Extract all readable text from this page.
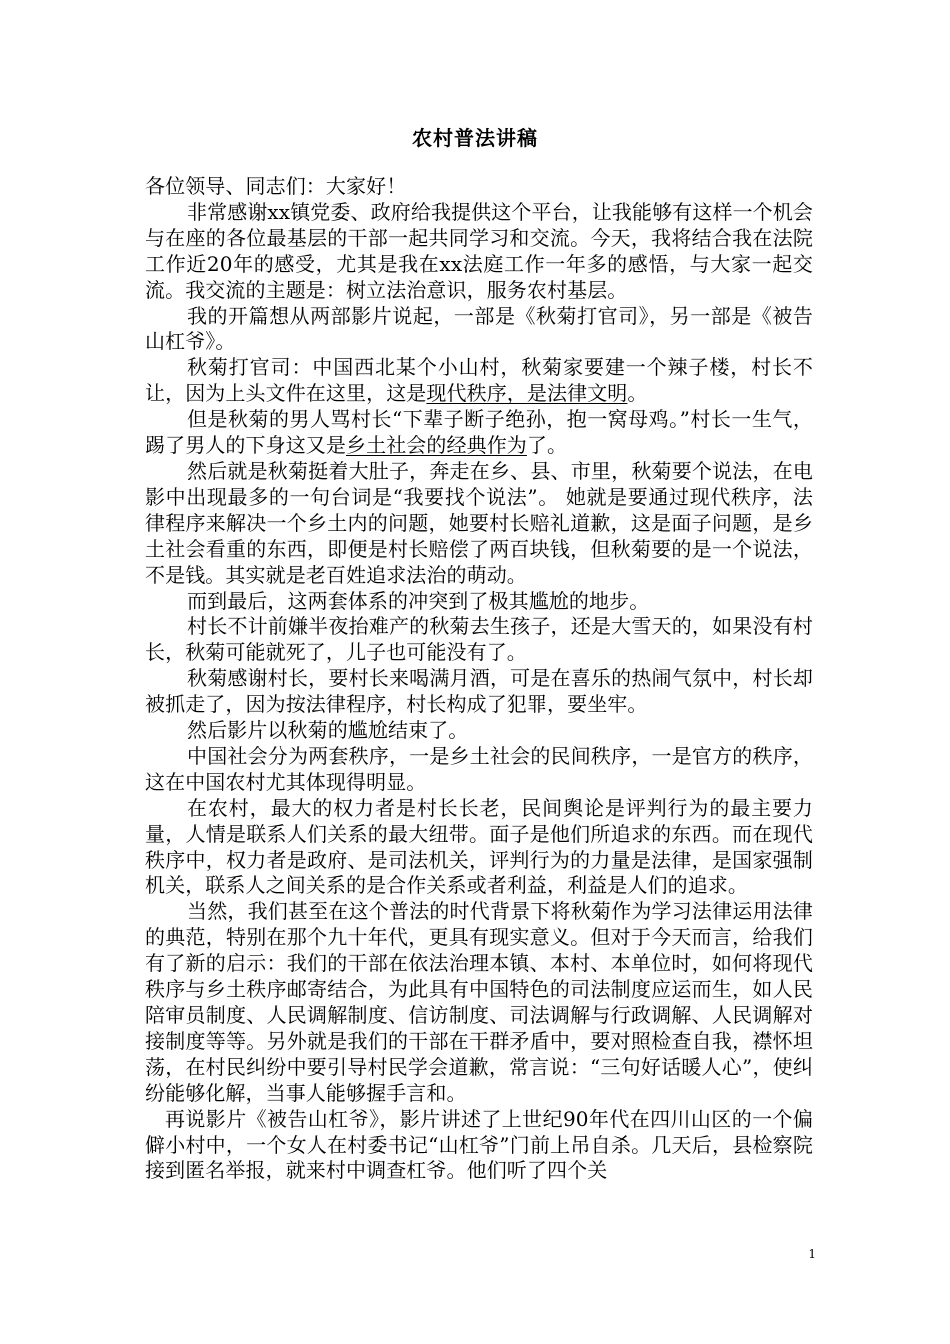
农村普法讲稿

各位领导、同志们：大家好！

非常感谢xx镇党委、政府给我提供这个平台，让我能够有这样一个机会与在座的各位最基层的干部一起共同学习和交流。今天，我将结合我在法院工作近20年的感受，尤其是我在xx法庭工作一年多的感悟，与大家一起交流。我交流的主题是：树立法治意识，服务农村基层。

我的开篇想从两部影片说起，一部是《秋菊打官司》，另一部是《被告山杠爷》。

秋菊打官司：中国西北某个小山村，秋菊家要建一个辣子楼，村长不让，因为上头文件在这里，这是现代秩序，是法律文明。

但是秋菊的男人骂村长“下辈子断子绝孙，抱一窝母鸡。”村长一生气，踢了男人的下身这又是乡土社会的经典作为了。

然后就是秋菊挺着大肚子，奔走在乡、县、市里，秋菊要个说法，在电影中出现最多的一句台词是“我要找个说法”。 她就是要通过现代秩序，法律程序来解决一个乡土内的问题，她要村长赔礼道歉，这是面子问题，是乡土社会看重的东西，即便是村长赔偿了两百块钱，但秋菊要的是一个说法，不是钱。其实就是老百姓追求法治的萌动。

而到最后，这两套体系的冲突到了极其尴尬的地步。

村长不计前嫌半夜抬难产的秋菊去生孩子，还是大雪天的，如果没有村长，秋菊可能就死了，儿子也可能没有了。

秋菊感谢村长，要村长来喝满月酒，可是在喜乐的热闹气氛中，村长却被抓走了，因为按法律程序，村长构成了犯罪，要坐牢。

然后影片以秋菊的尴尬结束了。

中国社会分为两套秩序，一是乡土社会的民间秩序，一是官方的秩序，这在中国农村尤其体现得明显。

在农村，最大的权力者是村长长老，民间舆论是评判行为的最主要力量，人情是联系人们关系的最大纽带。面子是他们所追求的东西。而在现代秩序中，权力者是政府、是司法机关，评判行为的力量是法律，是国家强制机关，联系人之间关系的是合作关系或者利益，利益是人们的追求。

当然，我们甚至在这个普法的时代背景下将秋菊作为学习法律运用法律的典范，特别在那个九十年代，更具有现实意义。但对于今天而言，给我们有了新的启示：我们的干部在依法治理本镇、本村、本单位时，如何将现代秩序与乡土秩序邮寄结合，为此具有中国特色的司法制度应运而生，如人民陪审员制度、人民调解制度、信访制度、司法调解与行政调解、人民调解对接制度等等。另外就是我们的干部在干群矛盾中，要对照检查自我，襟怀坦荡，在村民纠纷中要引导村民学会道歉，常言说：“三句好话暖人心”，使纠纷能够化解，当事人能够握手言和。

再说影片《被告山杠爷》，影片讲述了上世纪90年代在四川山区的一个偏僻小村中，一个女人在村委书记“山杠爷”门前上吊自杀。几天后，县检察院接到匿名举报，就来村中调查杠爷。他们听了四个关

1
